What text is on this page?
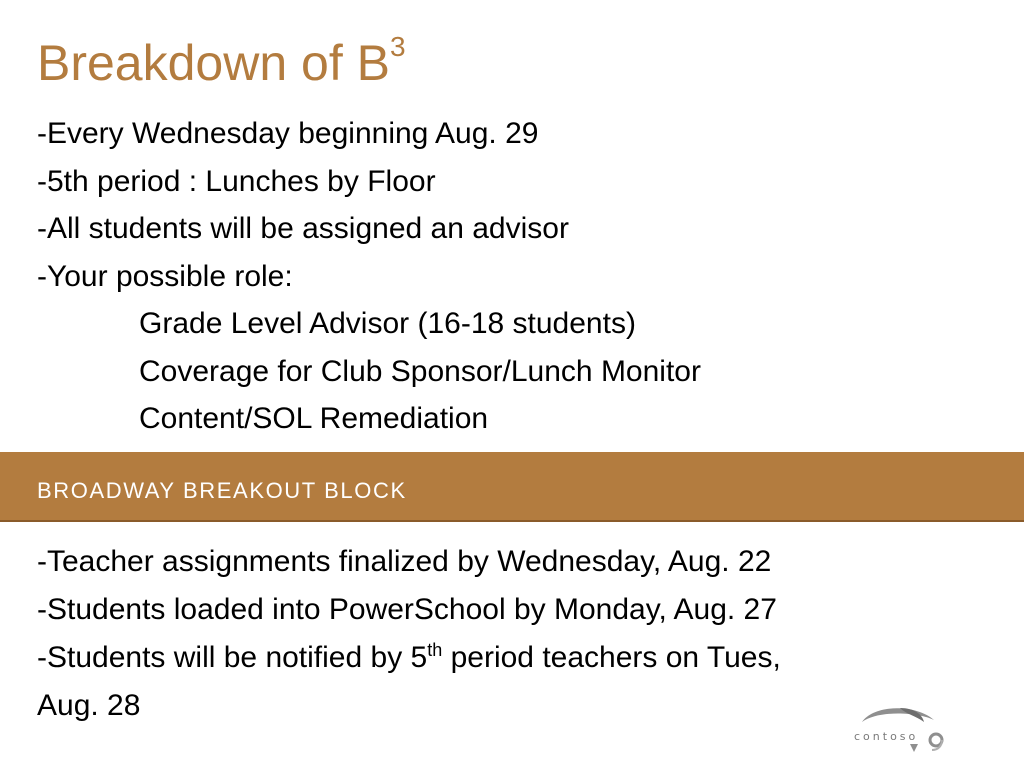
Breakdown of $B^3$
-Every Wednesday beginning Aug. 29
-5th period : Lunches by Floor
-All students will be assigned an advisor
-Your possible role:
Grade Level Advisor (16-18 students)
Coverage for Club Sponsor/Lunch Monitor
Content/SOL Remediation
BROADWAY BREAKOUT BLOCK
-Teacher assignments finalized by Wednesday, Aug. 22
-Students loaded into PowerSchool by Monday, Aug. 27
-Students will be notified by 5th period teachers on Tues,
Aug. 28
contoso
